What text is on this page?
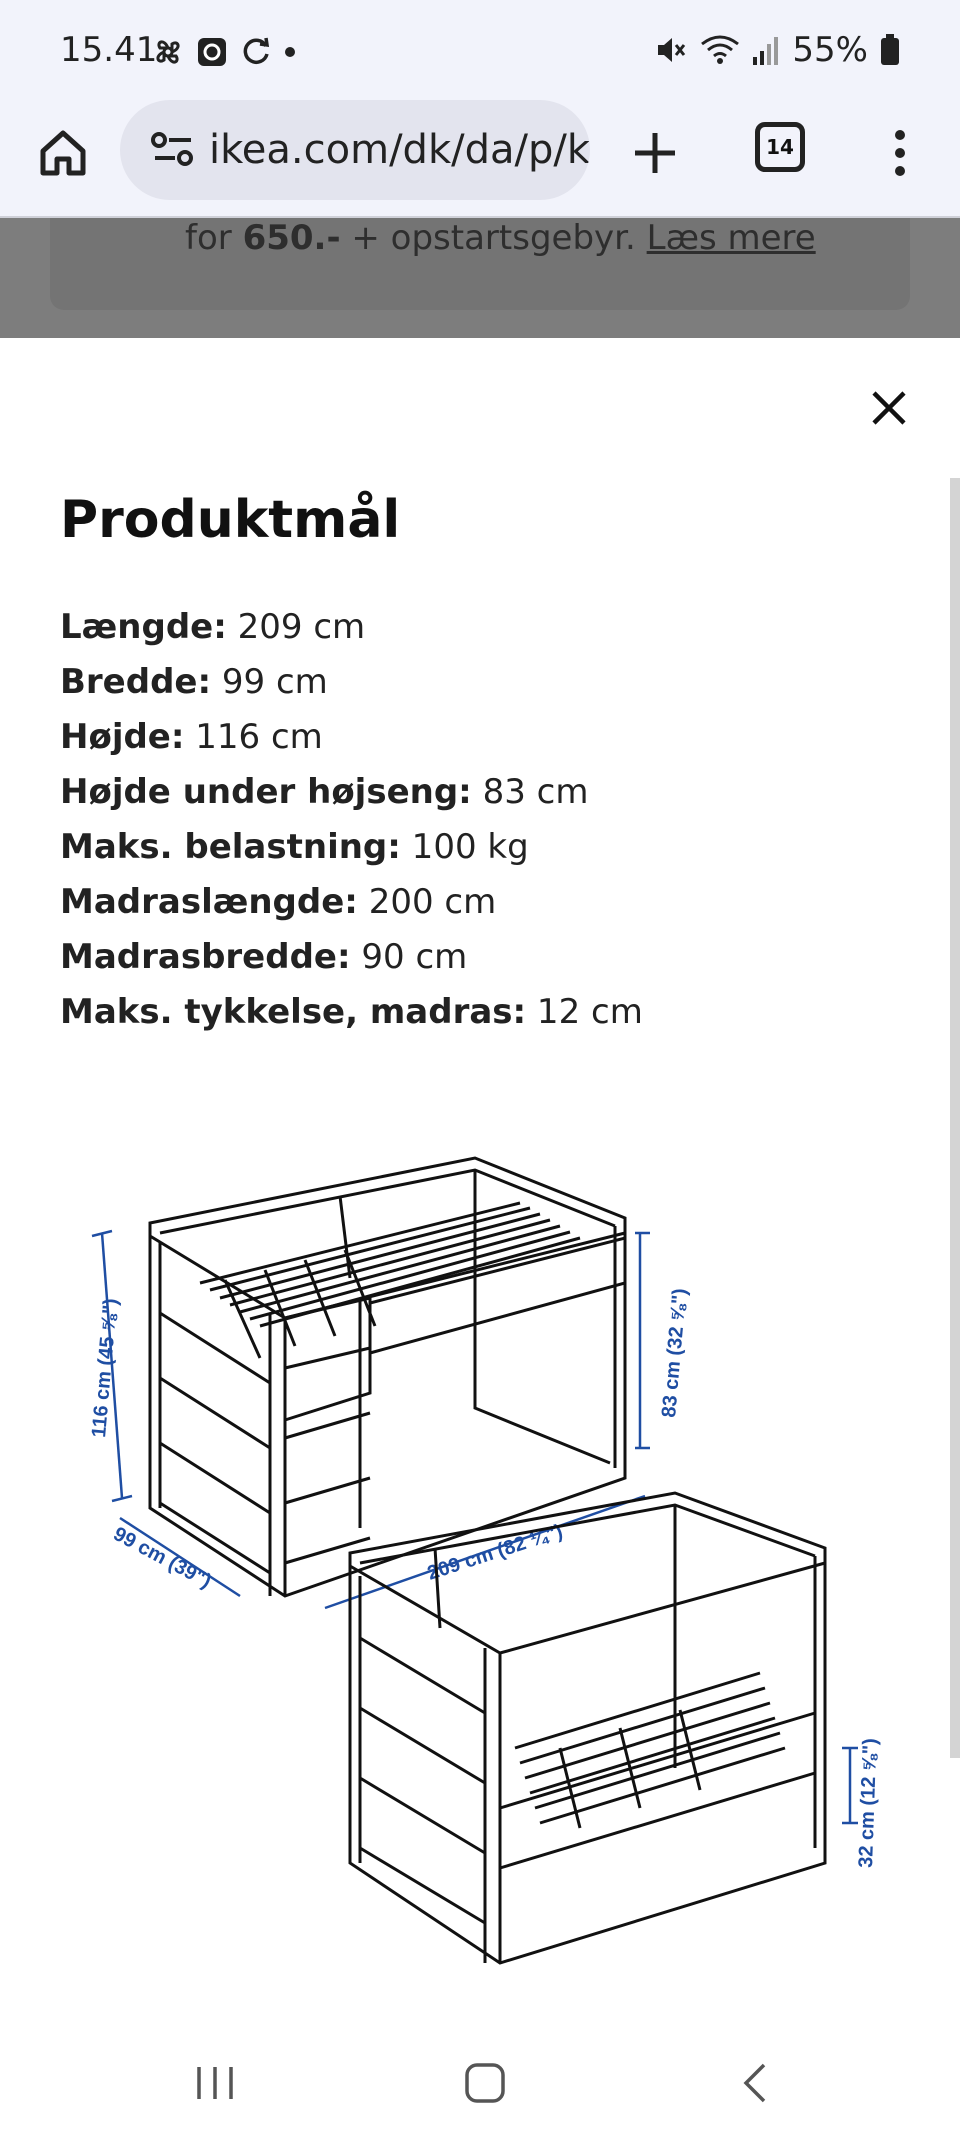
15.41	55%
ikea.com/dk/da/p/k	14
for 650.- + opstartsgebyr. Læs mere
Produktmål
Længde: 209 cm
Bredde: 99 cm
Højde: 116 cm
Højde under højseng: 83 cm
Maks. belastning: 100 kg
Madraslængde: 200 cm
Madrasbredde: 90 cm
Maks. tykkelse, madras: 12 cm
116 cm (45 ⅝")	83 cm (32 ⅝")
99 cm (39")	209 cm (82 ¼")
32 cm (12 ⅝")
